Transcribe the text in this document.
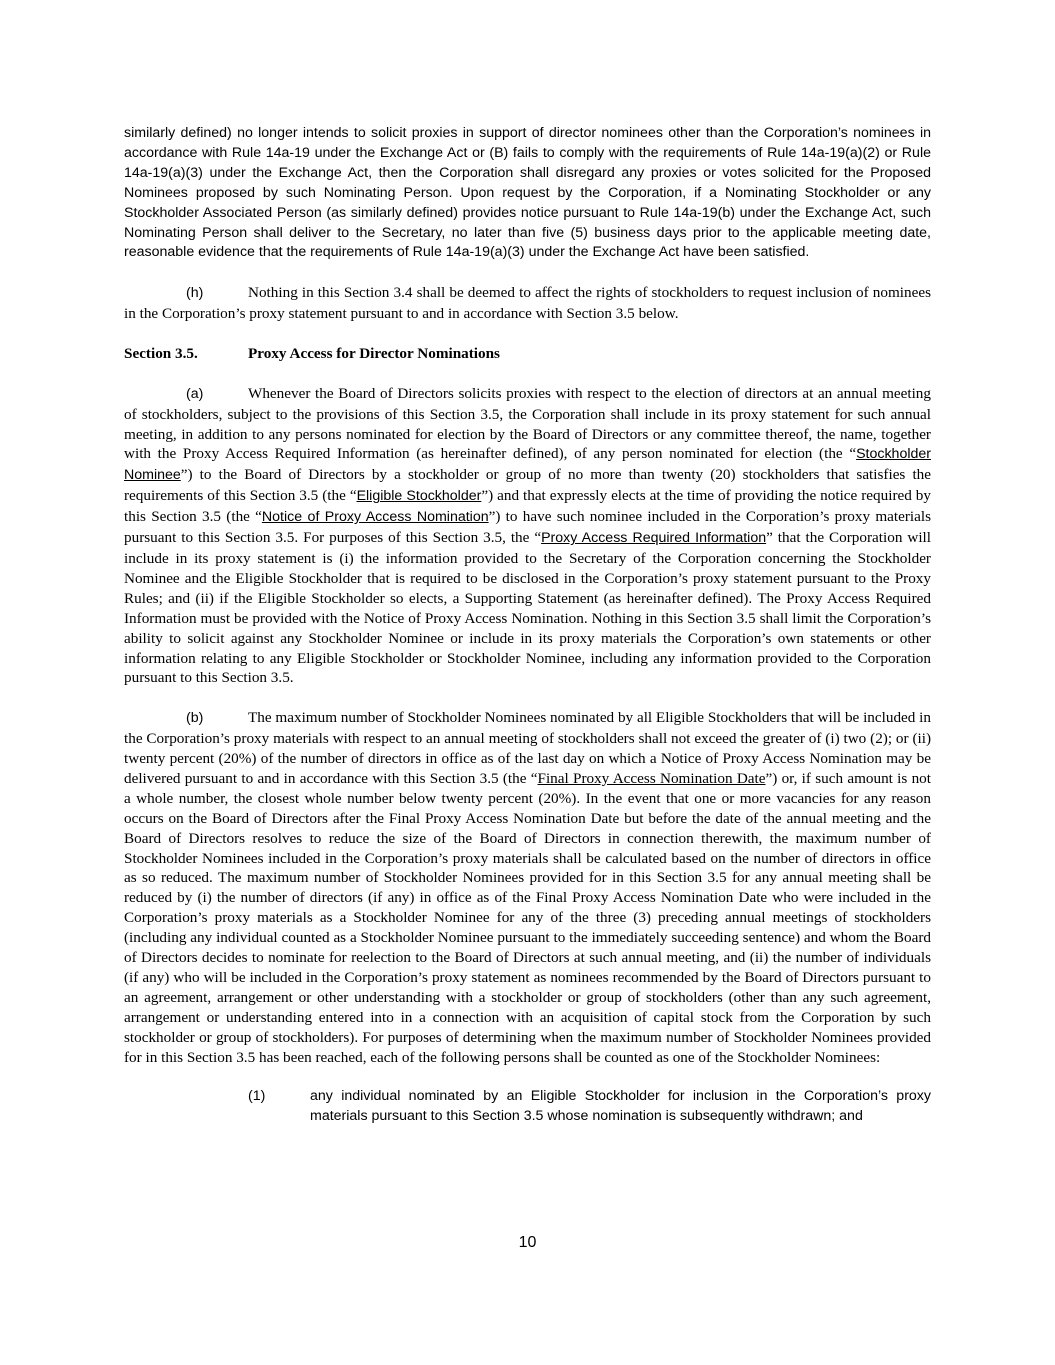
similarly defined) no longer intends to solicit proxies in support of director nominees other than the Corporation’s nominees in accordance with Rule 14a-19 under the Exchange Act or (B) fails to comply with the requirements of Rule 14a-19(a)(2) or Rule 14a-19(a)(3) under the Exchange Act, then the Corporation shall disregard any proxies or votes solicited for the Proposed Nominees proposed by such Nominating Person. Upon request by the Corporation, if a Nominating Stockholder or any Stockholder Associated Person (as similarly defined) provides notice pursuant to Rule 14a-19(b) under the Exchange Act, such Nominating Person shall deliver to the Secretary, no later than five (5) business days prior to the applicable meeting date, reasonable evidence that the requirements of Rule 14a-19(a)(3) under the Exchange Act have been satisfied.

(h)	Nothing in this Section 3.4 shall be deemed to affect the rights of stockholders to request inclusion of nominees in the Corporation’s proxy statement pursuant to and in accordance with Section 3.5 below.

Section 3.5.	Proxy Access for Director Nominations

(a)	Whenever the Board of Directors solicits proxies with respect to the election of directors at an annual meeting of stockholders, subject to the provisions of this Section 3.5, the Corporation shall include in its proxy statement for such annual meeting, in addition to any persons nominated for election by the Board of Directors or any committee thereof, the name, together with the Proxy Access Required Information (as hereinafter defined), of any person nominated for election (the “Stockholder Nominee”) to the Board of Directors by a stockholder or group of no more than twenty (20) stockholders that satisfies the requirements of this Section 3.5 (the “Eligible Stockholder”) and that expressly elects at the time of providing the notice required by this Section 3.5 (the “Notice of Proxy Access Nomination”) to have such nominee included in the Corporation’s proxy materials pursuant to this Section 3.5. For purposes of this Section 3.5, the “Proxy Access Required Information” that the Corporation will include in its proxy statement is (i) the information provided to the Secretary of the Corporation concerning the Stockholder Nominee and the Eligible Stockholder that is required to be disclosed in the Corporation’s proxy statement pursuant to the Proxy Rules; and (ii) if the Eligible Stockholder so elects, a Supporting Statement (as hereinafter defined). The Proxy Access Required Information must be provided with the Notice of Proxy Access Nomination. Nothing in this Section 3.5 shall limit the Corporation’s ability to solicit against any Stockholder Nominee or include in its proxy materials the Corporation’s own statements or other information relating to any Eligible Stockholder or Stockholder Nominee, including any information provided to the Corporation pursuant to this Section 3.5.

(b)	The maximum number of Stockholder Nominees nominated by all Eligible Stockholders that will be included in the Corporation’s proxy materials with respect to an annual meeting of stockholders shall not exceed the greater of (i) two (2); or (ii) twenty percent (20%) of the number of directors in office as of the last day on which a Notice of Proxy Access Nomination may be delivered pursuant to and in accordance with this Section 3.5 (the “Final Proxy Access Nomination Date”) or, if such amount is not a whole number, the closest whole number below twenty percent (20%). In the event that one or more vacancies for any reason occurs on the Board of Directors after the Final Proxy Access Nomination Date but before the date of the annual meeting and the Board of Directors resolves to reduce the size of the Board of Directors in connection therewith, the maximum number of Stockholder Nominees included in the Corporation’s proxy materials shall be calculated based on the number of directors in office as so reduced. The maximum number of Stockholder Nominees provided for in this Section 3.5 for any annual meeting shall be reduced by (i) the number of directors (if any) in office as of the Final Proxy Access Nomination Date who were included in the Corporation’s proxy materials as a Stockholder Nominee for any of the three (3) preceding annual meetings of stockholders (including any individual counted as a Stockholder Nominee pursuant to the immediately succeeding sentence) and whom the Board of Directors decides to nominate for reelection to the Board of Directors at such annual meeting, and (ii) the number of individuals (if any) who will be included in the Corporation’s proxy statement as nominees recommended by the Board of Directors pursuant to an agreement, arrangement or other understanding with a stockholder or group of stockholders (other than any such agreement, arrangement or understanding entered into in a connection with an acquisition of capital stock from the Corporation by such stockholder or group of stockholders). For purposes of determining when the maximum number of Stockholder Nominees provided for in this Section 3.5 has been reached, each of the following persons shall be counted as one of the Stockholder Nominees:

(1)	any individual nominated by an Eligible Stockholder for inclusion in the Corporation’s proxy materials pursuant to this Section 3.5 whose nomination is subsequently withdrawn; and
10
